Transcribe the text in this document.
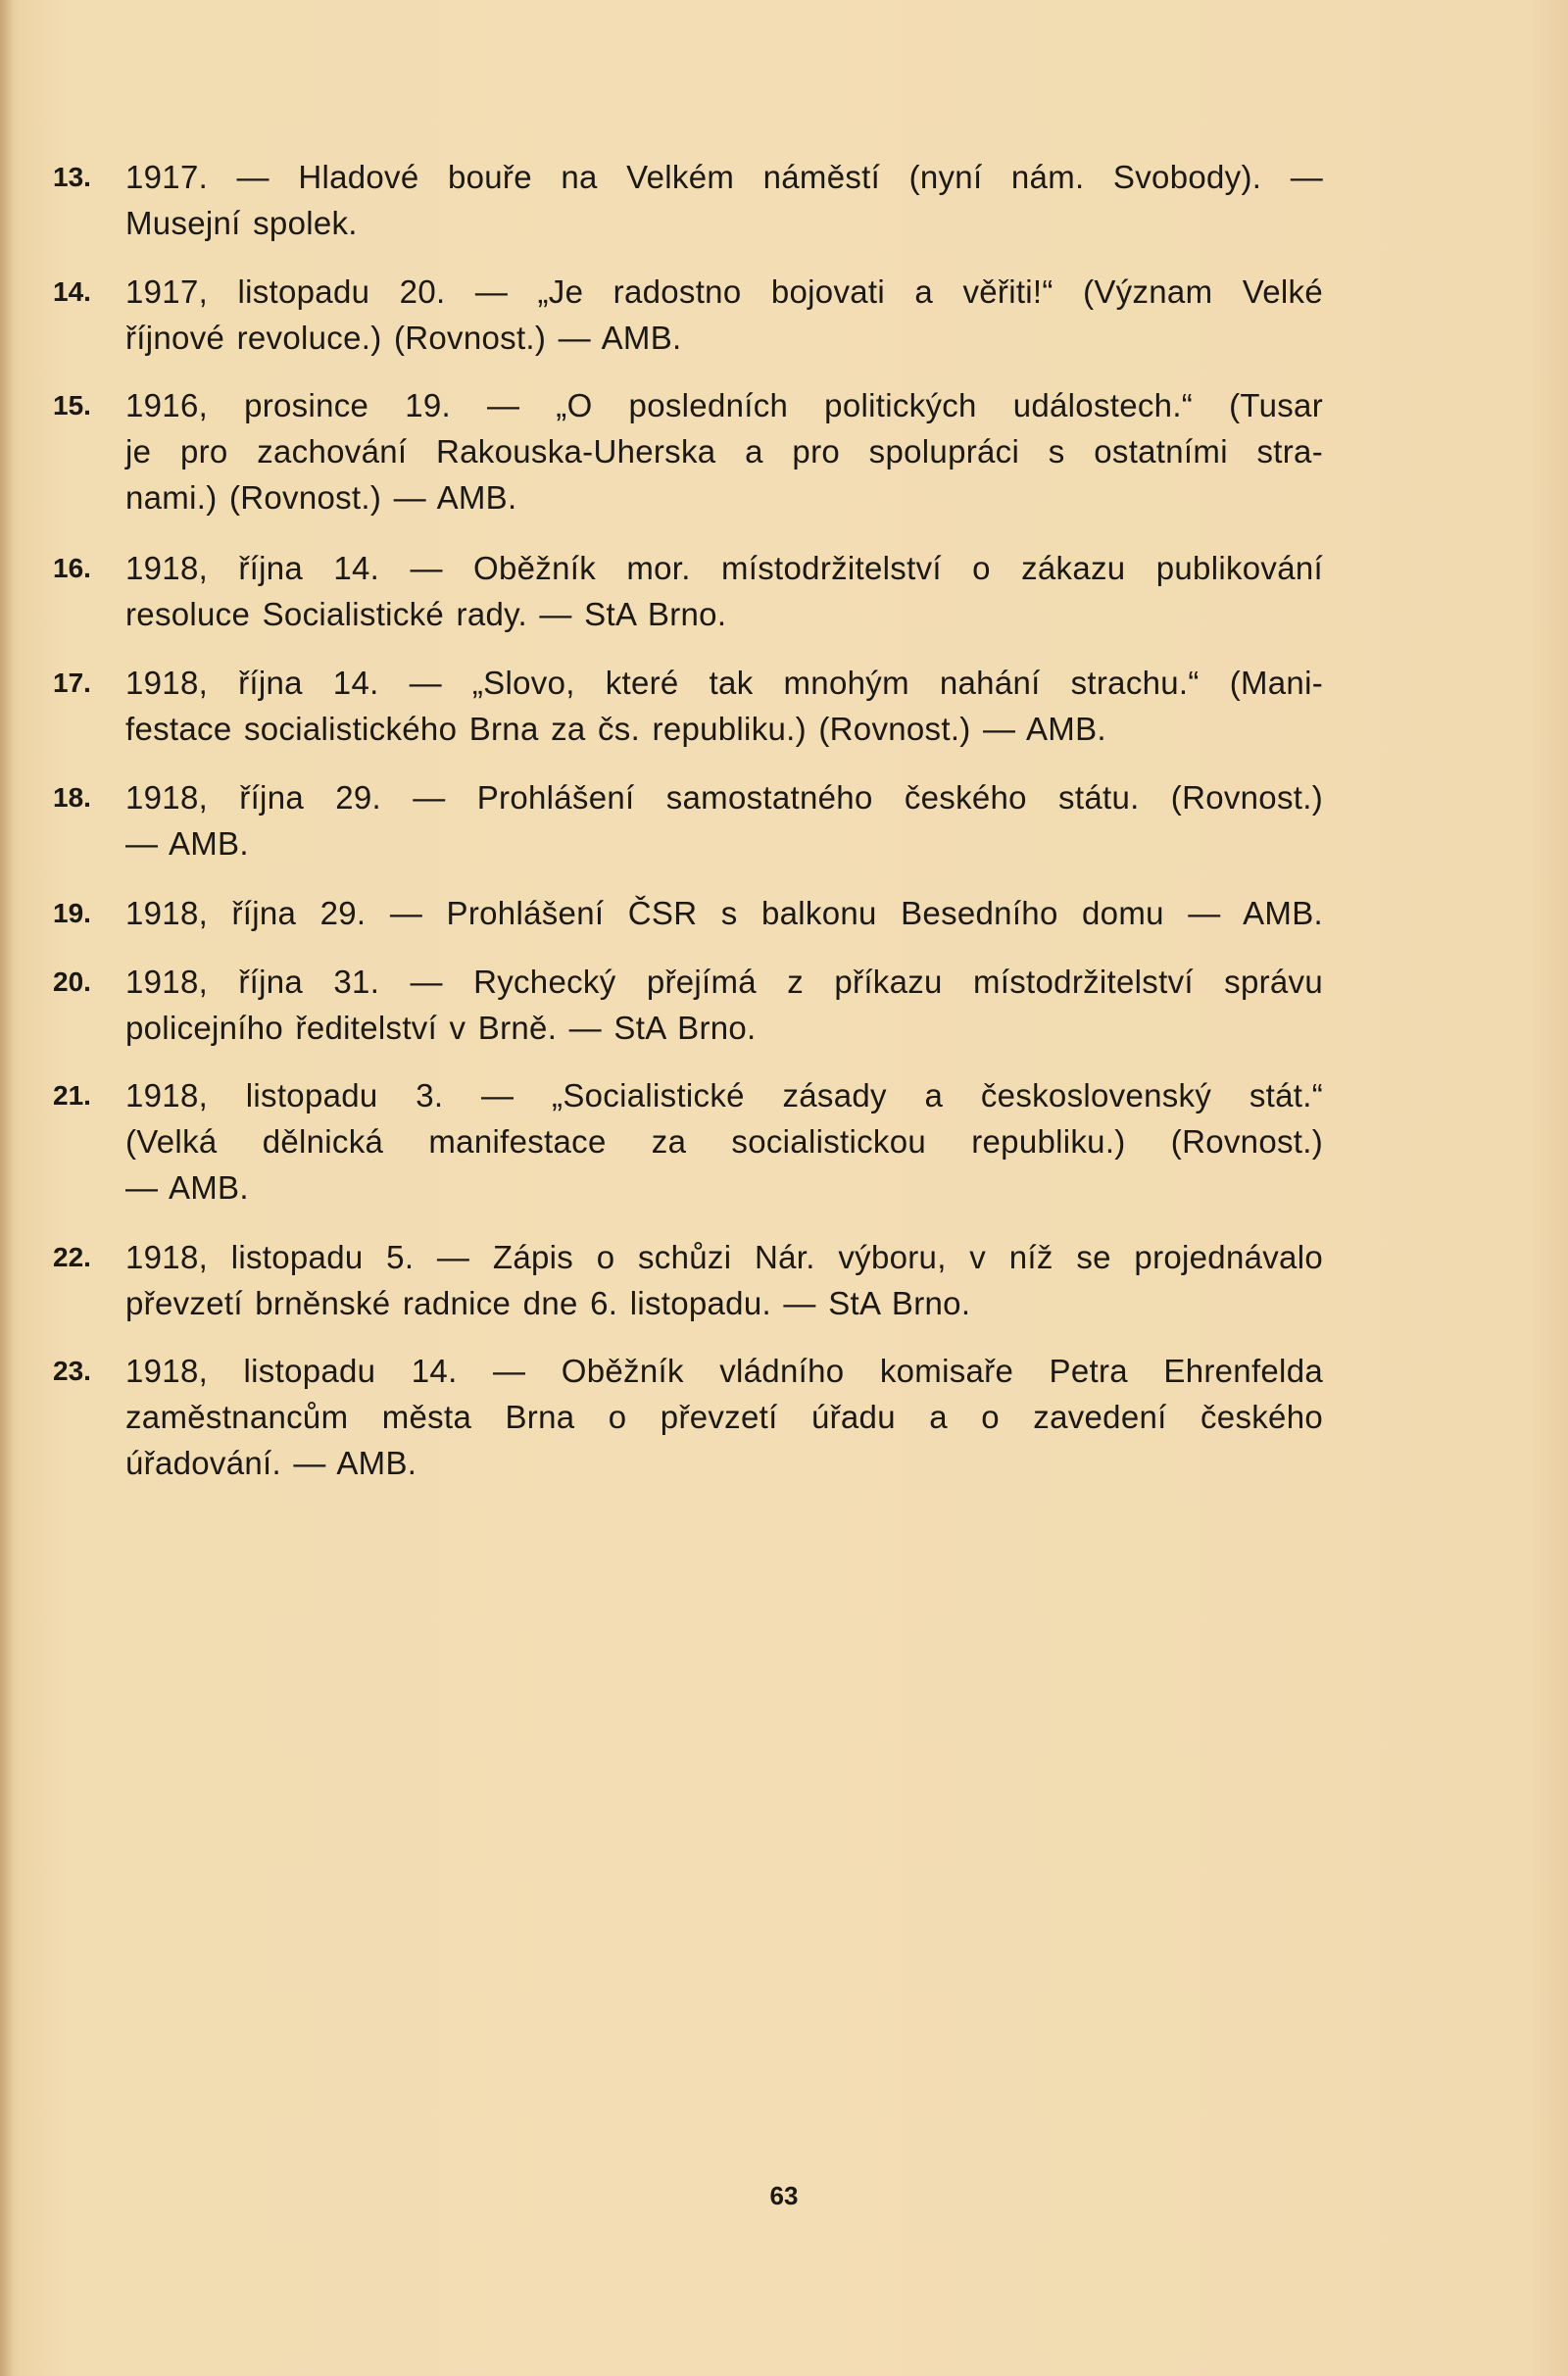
13.	1917. — Hladové bouře na Velkém náměstí (nyní nám. Svobody). —
Musejní spolek.
14.	1917, listopadu 20. — „Je radostno bojovati a věřiti!“ (Význam Velké
říjnové revoluce.) (Rovnost.) — AMB.
15.	1916, prosince 19. — „O posledních politických událostech.“ (Tusar
je pro zachování Rakouska-Uherska a pro spolupráci s ostatními stra-
nami.) (Rovnost.) — AMB.
16.	1918, října 14. — Oběžník mor. místodržitelství o zákazu publikování
resoluce Socialistické rady. — StA Brno.
17.	1918, října 14. — „Slovo, které tak mnohým nahání strachu.“ (Mani-
festace socialistického Brna za čs. republiku.) (Rovnost.) — AMB.
18.	1918, října 29. — Prohlášení samostatného českého státu. (Rovnost.)
— AMB.
19.	1918, října 29. — Prohlášení ČSR s balkonu Besedního domu — AMB.
20.	1918, října 31. — Rychecký přejímá z příkazu místodržitelství správu
policejního ředitelství v Brně. — StA Brno.
21.	1918, listopadu 3. — „Socialistické zásady a československý stát.“
(Velká dělnická manifestace za socialistickou republiku.) (Rovnost.)
— AMB.
22.	1918, listopadu 5. — Zápis o schůzi Nár. výboru, v níž se projednávalo
převzetí brněnské radnice dne 6. listopadu. — StA Brno.
23.	1918, listopadu 14. — Oběžník vládního komisaře Petra Ehrenfelda
zaměstnancům města Brna o převzetí úřadu a o zavedení českého
úřadování. — AMB.
63
